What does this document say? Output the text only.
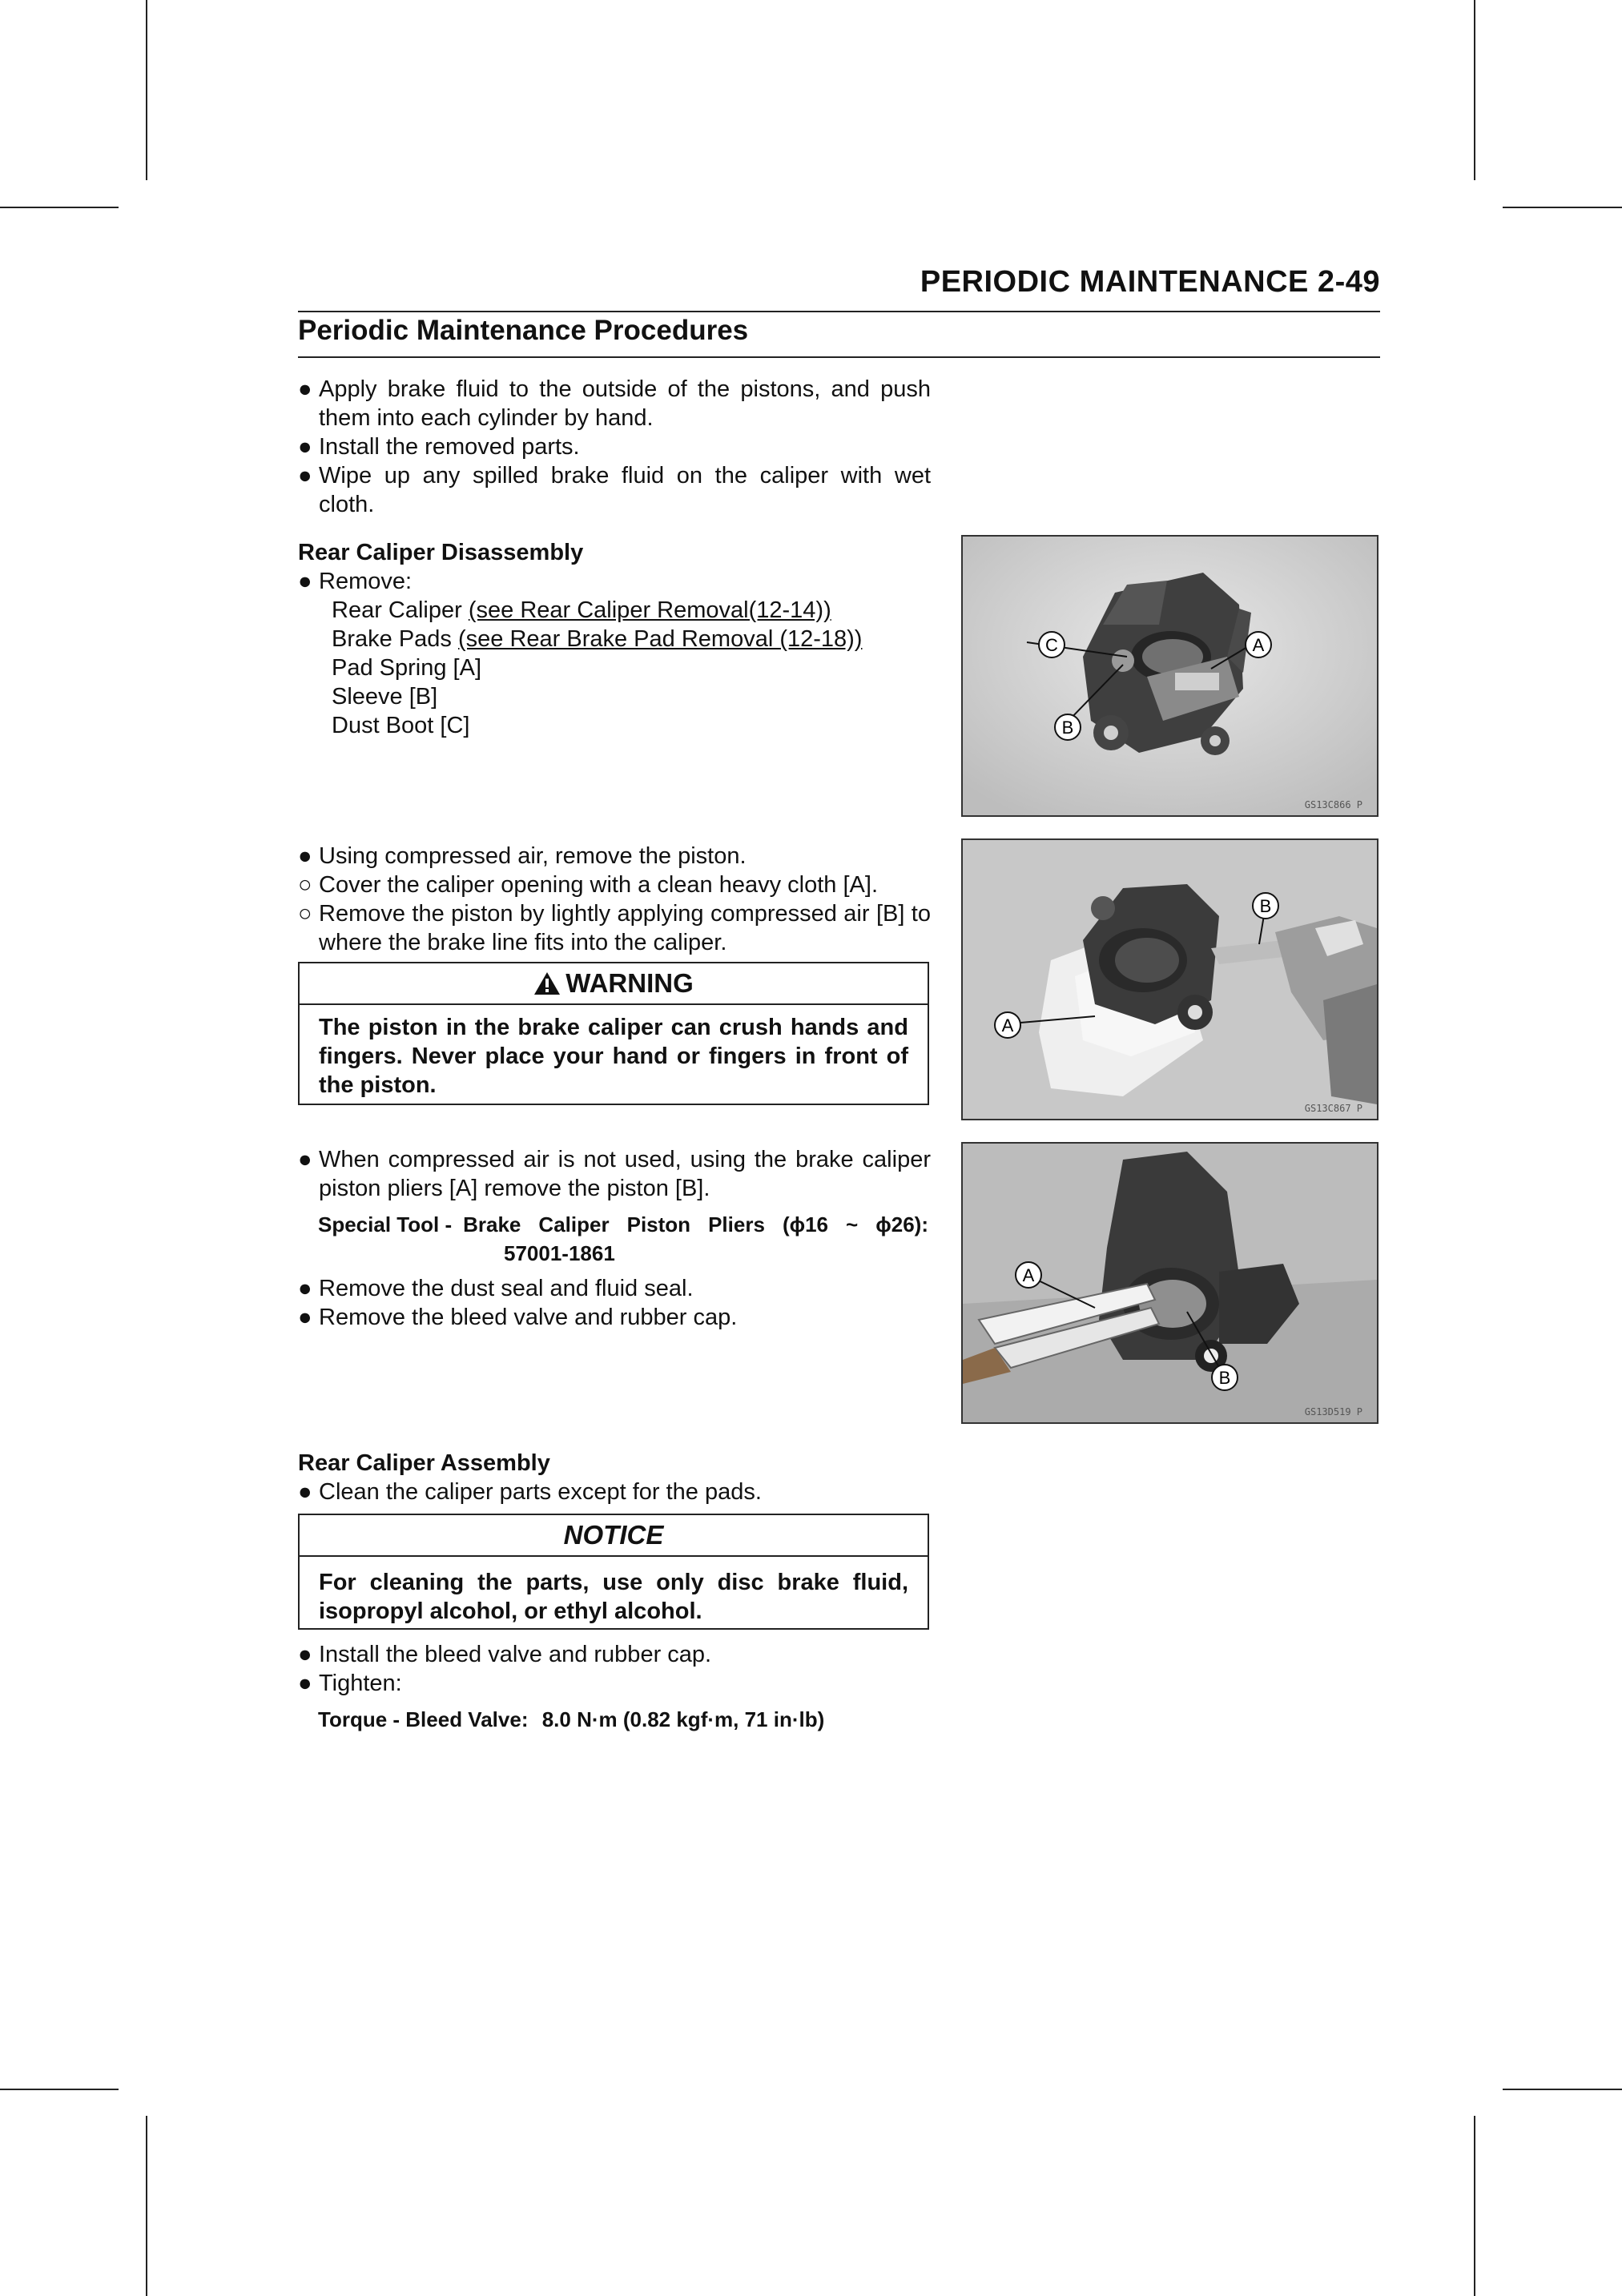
PERIODIC MAINTENANCE 2-49
Periodic Maintenance Procedures
● Apply brake fluid to the outside of the pistons, and push them into each cylinder by hand.
● Install the removed parts.
● Wipe up any spilled brake fluid on the caliper with wet cloth.
Rear Caliper Disassembly
● Remove:
Rear Caliper (see Rear Caliper Removal(12-14))
Brake Pads (see Rear Brake Pad Removal (12-18))
Pad Spring [A]
Sleeve [B]
Dust Boot [C]
● Using compressed air, remove the piston.
○ Cover the caliper opening with a clean heavy cloth [A].
○ Remove the piston by lightly applying compressed air [B] to where the brake line fits into the caliper.
WARNING
The piston in the brake caliper can crush hands and fingers. Never place your hand or fingers in front of the piston.
● When compressed air is not used, using the brake caliper piston pliers [A] remove the piston [B].
Special Tool - Brake Caliper Piston Pliers (ϕ16 ~ ϕ26):
57001-1861
● Remove the dust seal and fluid seal.
● Remove the bleed valve and rubber cap.
Rear Caliper Assembly
● Clean the caliper parts except for the pads.
NOTICE
For cleaning the parts, use only disc brake fluid, isopropyl alcohol, or ethyl alcohol.
● Install the bleed valve and rubber cap.
● Tighten:
Torque - Bleed Valve: 8.0 N·m (0.82 kgf·m, 71 in·lb)
C	A
B
GS13C866 P
B
A
GS13C867 P
A
B
GS13D519 P
